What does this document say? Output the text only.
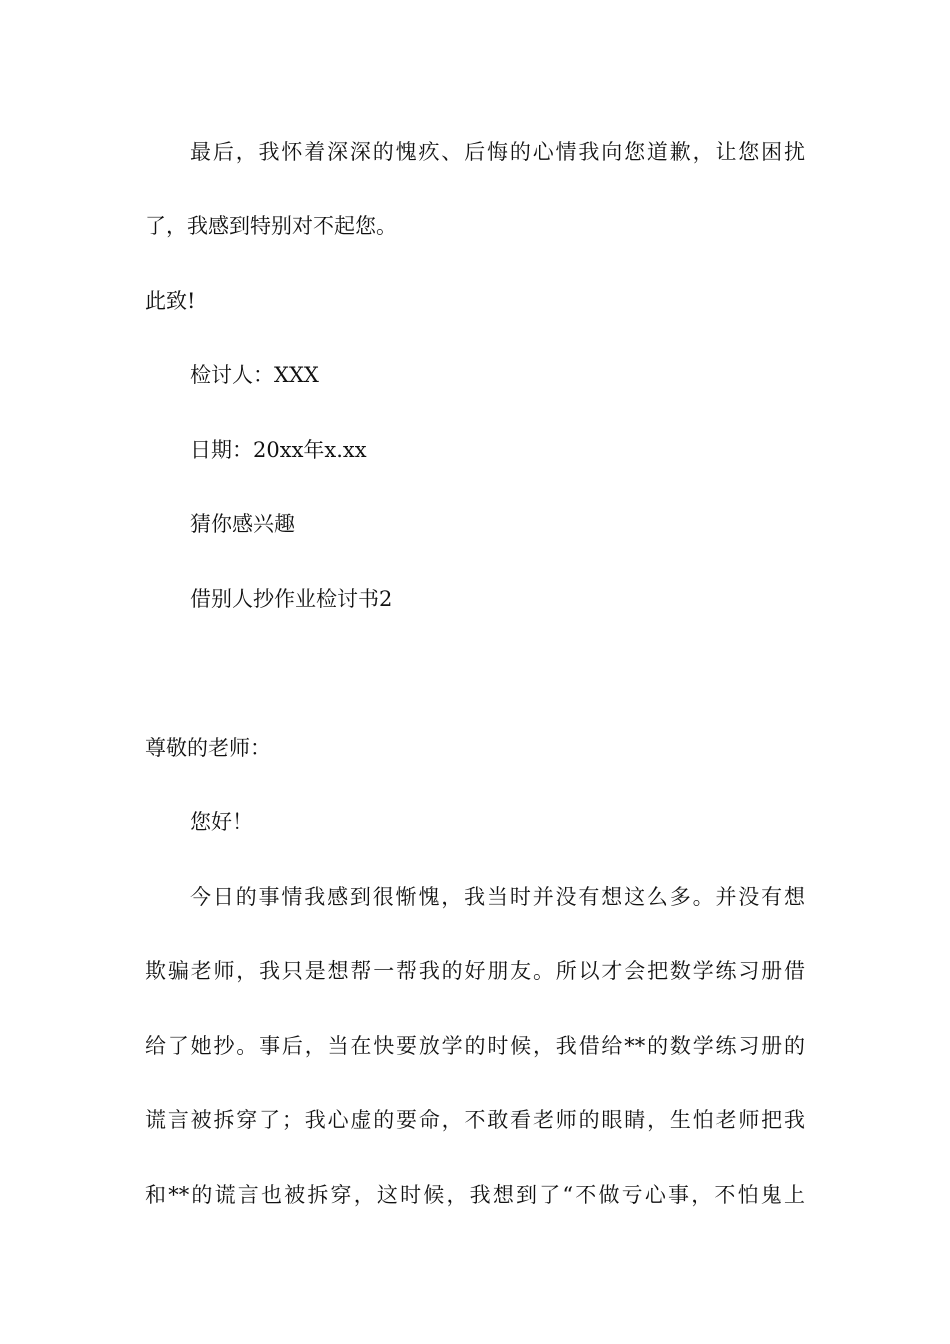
最后，我怀着深深的愧疚、后悔的心情我向您道歉，让您困扰
了，我感到特别对不起您。
此致!
检讨人：XXX
日期：20xx年x.xx
猜你感兴趣
借别人抄作业检讨书2
尊敬的老师：
您好！
今日的事情我感到很惭愧，我当时并没有想这么多。并没有想
欺骗老师，我只是想帮一帮我的好朋友。所以才会把数学练习册借
给了她抄。事后，当在快要放学的时候，我借给**的数学练习册的
谎言被拆穿了；我心虚的要命，不敢看老师的眼睛，生怕老师把我
和**的谎言也被拆穿，这时候，我想到了“不做亏心事，不怕鬼上
